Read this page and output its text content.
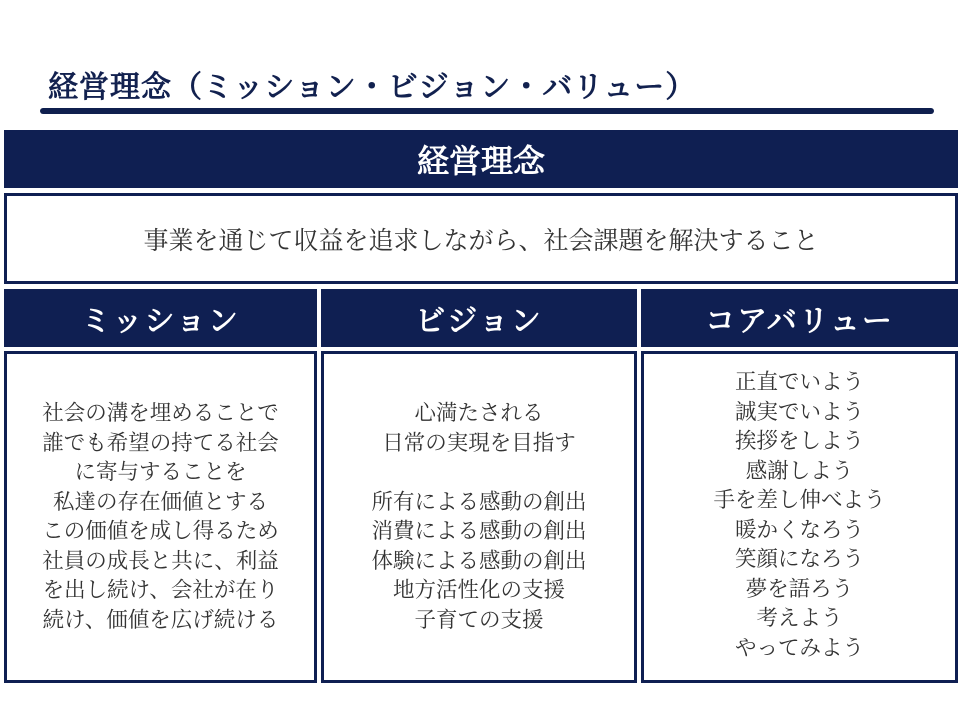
経営理念（ミッション・ビジョン・バリュー）
経営理念
事業を通じて収益を追求しながら、社会課題を解決すること
ミッション	ビジョン	コアバリュー
社会の溝を埋めることで
誰でも希望の持てる社会
に寄与することを
私達の存在価値とする
この価値を成し得るため
社員の成長と共に、利益
を出し続け、会社が在り
続け、価値を広げ続ける
心満たされる
日常の実現を目指す
所有による感動の創出
消費による感動の創出
体験による感動の創出
地方活性化の支援
子育ての支援
正直でいよう
誠実でいよう
挨拶をしよう
感謝しよう
手を差し伸べよう
暖かくなろう
笑顔になろう
夢を語ろう
考えよう
やってみよう
